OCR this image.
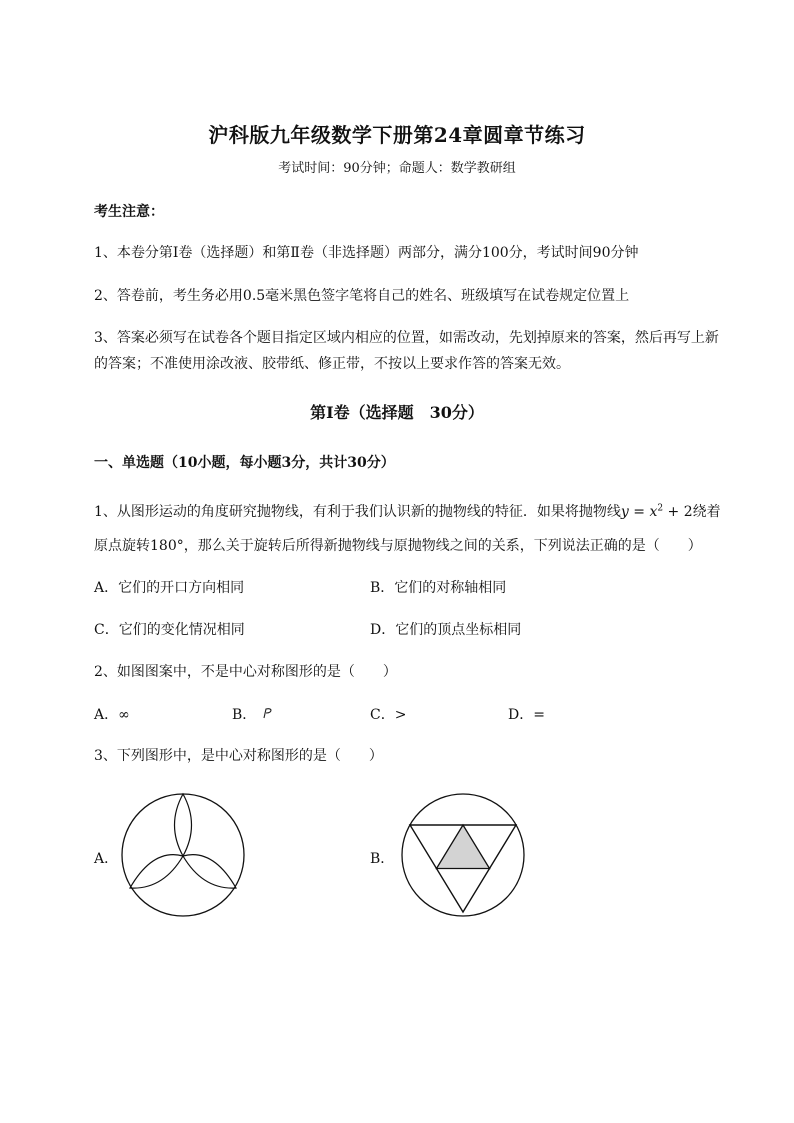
沪科版九年级数学下册第24章圆章节练习
考试时间：90分钟；命题人：数学教研组
考生注意：
1、本卷分第I卷（选择题）和第Ⅱ卷（非选择题）两部分，满分100分，考试时间90分钟
2、答卷前，考生务必用0.5毫米黑色签字笔将自己的姓名、班级填写在试卷规定位置上
3、答案必须写在试卷各个题目指定区域内相应的位置，如需改动，先划掉原来的答案，然后再写上新
的答案；不准使用涂改液、胶带纸、修正带，不按以上要求作答的答案无效。
第I卷（选择题　30分）
一、单选题（10小题，每小题3分，共计30分）
1、从图形运动的角度研究抛物线，有利于我们认识新的抛物线的特征．如果将抛物线$y = x^2 + 2$绕着
原点旋转180°，那么关于旋转后所得新抛物线与原抛物线之间的关系，下列说法正确的是（　　）
A．它们的开口方向相同	B．它们的对称轴相同
C．它们的变化情况相同	D．它们的顶点坐标相同
2、如图图案中，不是中心对称图形的是（　　）
A．∞	B．	C．>	D．=
3、下列图形中，是中心对称图形的是（　　）
A．	B．
